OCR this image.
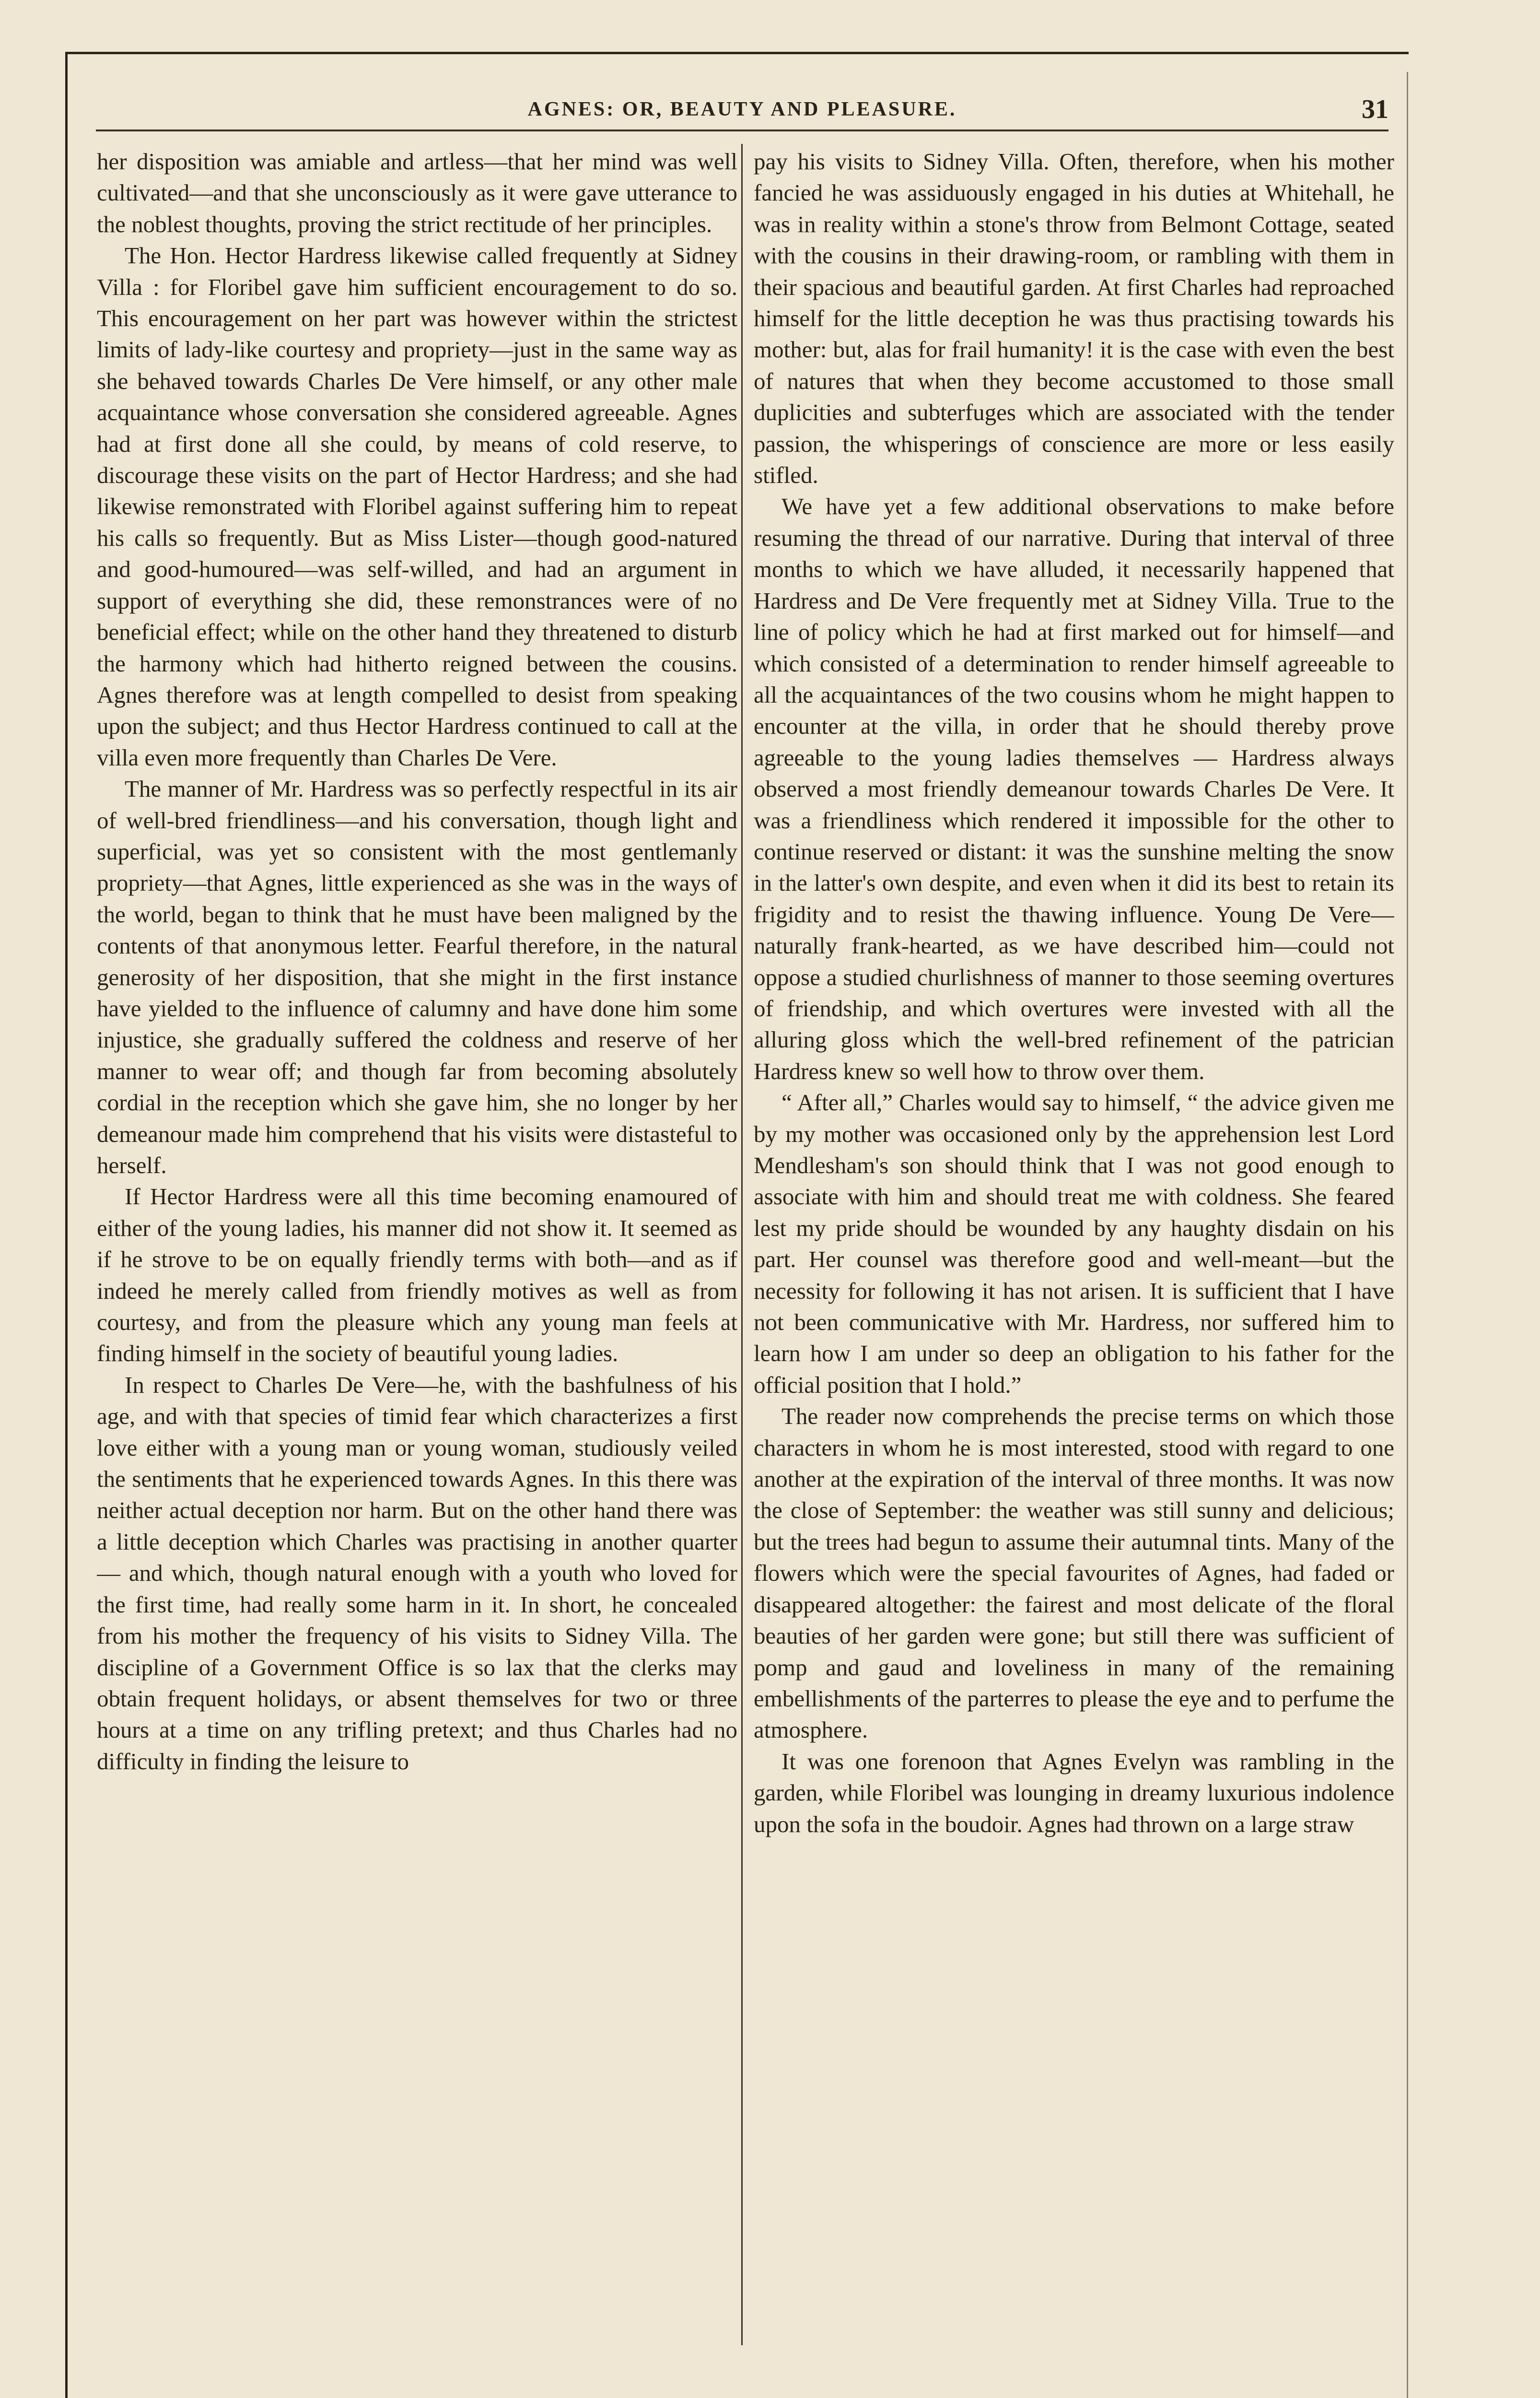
AGNES: OR, BEAUTY AND PLEASURE.	31

her disposition was amiable and artless—that her mind was well cultivated—and that she unconsciously as it were gave utterance to the noblest thoughts, proving the strict rectitude of her principles.

The Hon. Hector Hardress likewise called frequently at Sidney Villa : for Floribel gave him sufficient encouragement to do so. This encouragement on her part was however within the strictest limits of lady-like courtesy and propriety—just in the same way as she behaved towards Charles De Vere himself, or any other male acquaintance whose conversation she considered agreeable. Agnes had at first done all she could, by means of cold reserve, to discourage these visits on the part of Hector Hardress; and she had likewise remonstrated with Floribel against suffering him to repeat his calls so frequently. But as Miss Lister—though good-natured and good-humoured—was self-willed, and had an argument in support of everything she did, these remonstrances were of no beneficial effect; while on the other hand they threatened to disturb the harmony which had hitherto reigned between the cousins. Agnes therefore was at length compelled to desist from speaking upon the subject; and thus Hector Hardress continued to call at the villa even more frequently than Charles De Vere.

The manner of Mr. Hardress was so perfectly respectful in its air of well-bred friendliness—and his conversation, though light and superficial, was yet so consistent with the most gentlemanly propriety—that Agnes, little experienced as she was in the ways of the world, began to think that he must have been maligned by the contents of that anonymous letter. Fearful therefore, in the natural generosity of her disposition, that she might in the first instance have yielded to the influence of calumny and have done him some injustice, she gradually suffered the coldness and reserve of her manner to wear off; and though far from becoming absolutely cordial in the reception which she gave him, she no longer by her demeanour made him comprehend that his visits were distasteful to herself.

If Hector Hardress were all this time becoming enamoured of either of the young ladies, his manner did not show it. It seemed as if he strove to be on equally friendly terms with both—and as if indeed he merely called from friendly motives as well as from courtesy, and from the pleasure which any young man feels at finding himself in the society of beautiful young ladies.

In respect to Charles De Vere—he, with the bashfulness of his age, and with that species of timid fear which characterizes a first love either with a young man or young woman, studiously veiled the sentiments that he experienced towards Agnes. In this there was neither actual deception nor harm. But on the other hand there was a little deception which Charles was practising in another quarter — and which, though natural enough with a youth who loved for the first time, had really some harm in it. In short, he concealed from his mother the frequency of his visits to Sidney Villa. The discipline of a Government Office is so lax that the clerks may obtain frequent holidays, or absent themselves for two or three hours at a time on any trifling pretext; and thus Charles had no difficulty in finding the leisure to

pay his visits to Sidney Villa. Often, therefore, when his mother fancied he was assiduously engaged in his duties at Whitehall, he was in reality within a stone's throw from Belmont Cottage, seated with the cousins in their drawing-room, or rambling with them in their spacious and beautiful garden. At first Charles had reproached himself for the little deception he was thus practising towards his mother: but, alas for frail humanity! it is the case with even the best of natures that when they become accustomed to those small duplicities and subterfuges which are associated with the tender passion, the whisperings of conscience are more or less easily stifled.

We have yet a few additional observations to make before resuming the thread of our narrative. During that interval of three months to which we have alluded, it necessarily happened that Hardress and De Vere frequently met at Sidney Villa. True to the line of policy which he had at first marked out for himself—and which consisted of a determination to render himself agreeable to all the acquaintances of the two cousins whom he might happen to encounter at the villa, in order that he should thereby prove agreeable to the young ladies themselves — Hardress always observed a most friendly demeanour towards Charles De Vere. It was a friendliness which rendered it impossible for the other to continue reserved or distant: it was the sunshine melting the snow in the latter's own despite, and even when it did its best to retain its frigidity and to resist the thawing influence. Young De Vere—naturally frank-hearted, as we have described him—could not oppose a studied churlishness of manner to those seeming overtures of friendship, and which overtures were invested with all the alluring gloss which the well-bred refinement of the patrician Hardress knew so well how to throw over them.

“ After all,” Charles would say to himself, “ the advice given me by my mother was occasioned only by the apprehension lest Lord Mendlesham's son should think that I was not good enough to associate with him and should treat me with coldness. She feared lest my pride should be wounded by any haughty disdain on his part. Her counsel was therefore good and well-meant—but the necessity for following it has not arisen. It is sufficient that I have not been communicative with Mr. Hardress, nor suffered him to learn how I am under so deep an obligation to his father for the official position that I hold.”

The reader now comprehends the precise terms on which those characters in whom he is most interested, stood with regard to one another at the expiration of the interval of three months. It was now the close of September: the weather was still sunny and delicious; but the trees had begun to assume their autumnal tints. Many of the flowers which were the special favourites of Agnes, had faded or disappeared altogether: the fairest and most delicate of the floral beauties of her garden were gone; but still there was sufficient of pomp and gaud and loveliness in many of the remaining embellishments of the parterres to please the eye and to perfume the atmosphere.

It was one forenoon that Agnes Evelyn was rambling in the garden, while Floribel was lounging in dreamy luxurious indolence upon the sofa in the boudoir. Agnes had thrown on a large straw
